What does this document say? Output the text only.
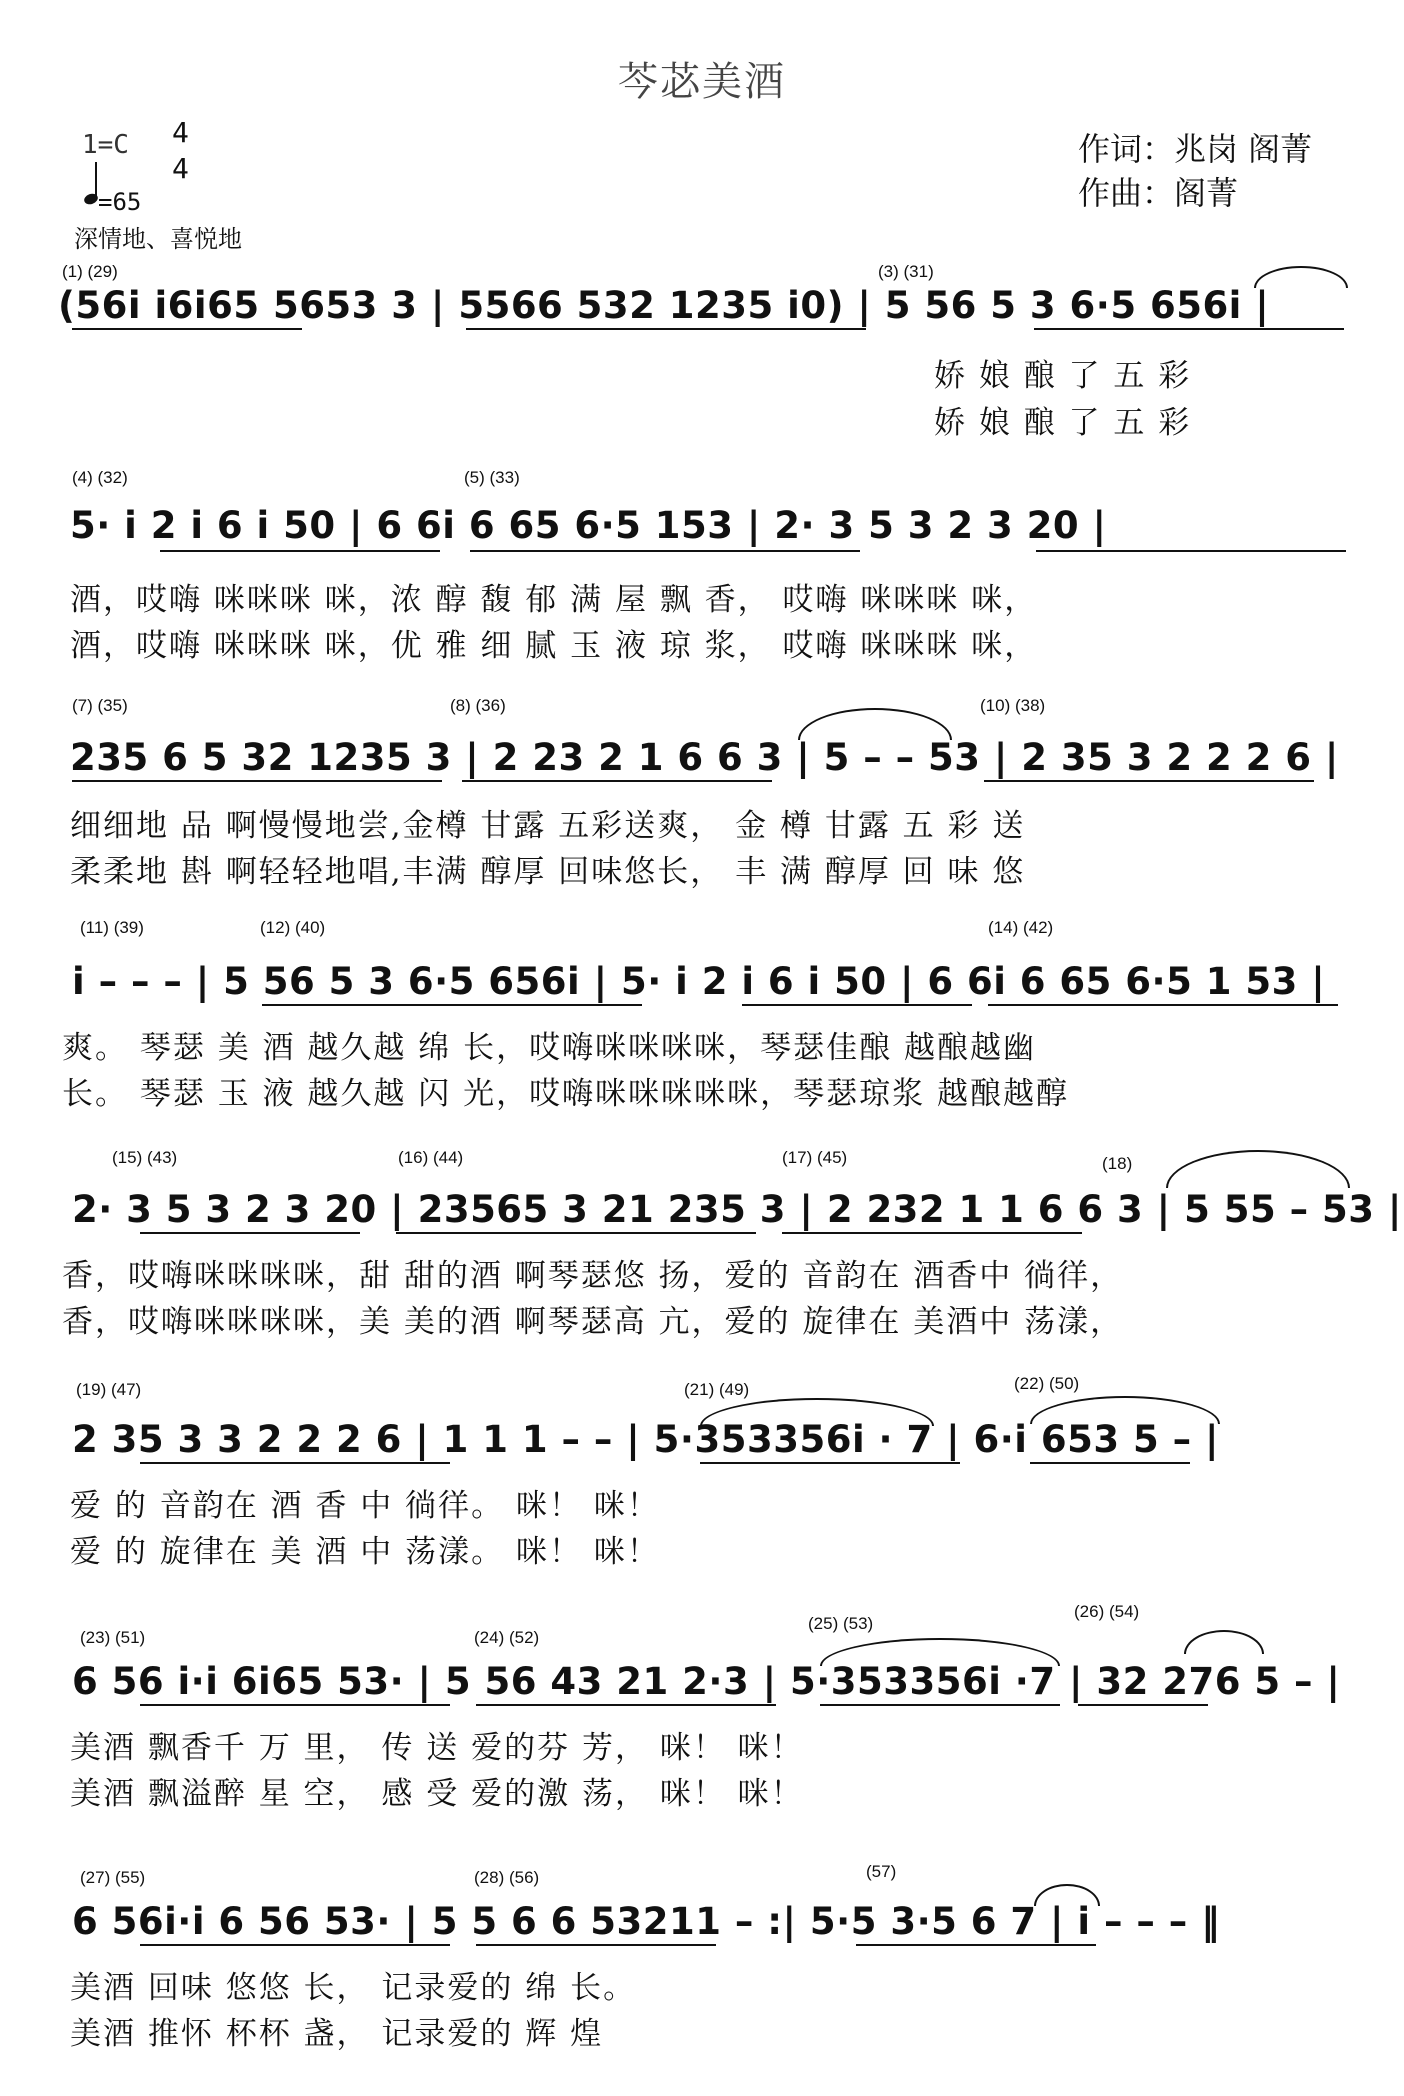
芩苾美酒
1=C 4
4
=65
深情地、喜悦地
作词：兆岗 阁菁
作曲：阁菁
(1) (29)	(3) (31)
(56i i6i65 5653 3 | 5566 532 1235 i0) | 5 56 5 3 6·5 656i |
娇 娘 酿 了 五 彩
娇 娘 酿 了 五 彩
(4) (32)	(5) (33)
5· i 2 i 6 i 50 | 6 6i 6 65 6·5 153 | 2· 3 5 3 2 3 20 |
酒，哎嗨 咪咪咪 咪，浓 醇 馥 郁 满 屋 飘 香， 哎嗨 咪咪咪 咪，
酒，哎嗨 咪咪咪 咪，优 雅 细 腻 玉 液 琼 浆， 哎嗨 咪咪咪 咪，
(7) (35)	(8) (36)	(10) (38)
235 6 5 32 1235 3 | 2 23 2 1 6 6 3 | 5 – – 53 | 2 35 3 2 2 2 6 |
细细地 品 啊慢慢地尝,金樽 甘露 五彩送爽， 金 樽 甘露 五 彩 送
柔柔地 斟 啊轻轻地唱,丰满 醇厚 回味悠长， 丰 满 醇厚 回 味 悠
(11) (39)	(12) (40)	(14) (42)
i – – – | 5 56 5 3 6·5 656i | 5· i 2 i 6 i 50 | 6 6i 6 65 6·5 1 53 |
爽。 琴瑟 美 酒 越久越 绵 长，哎嗨咪咪咪咪，琴瑟佳酿 越酿越幽
长。 琴瑟 玉 液 越久越 闪 光，哎嗨咪咪咪咪咪，琴瑟琼浆 越酿越醇
(15) (43)	(16) (44)	(17) (45)	(18)
2· 3 5 3 2 3 20 | 23565 3 21 235 3 | 2 232 1 1 6 6 3 | 5 55 – 53 |
香，哎嗨咪咪咪咪，甜 甜的酒 啊琴瑟悠 扬，爱的 音韵在 酒香中 徜徉，
香，哎嗨咪咪咪咪，美 美的酒 啊琴瑟高 亢，爱的 旋律在 美酒中 荡漾，
(19) (47)	(21) (49)	(22) (50)
2 35 3 3 2 2 2 6 | 1 1 1 – – | 5·353356i · 7 | 6·i 653 5 – |
爱 的 音韵在 酒 香 中 徜徉。 咪！ 咪！
爱 的 旋律在 美 酒 中 荡漾。 咪！ 咪！
(23) (51)	(24) (52)
(25) (53)
(26) (54)
6 56 i·i 6i65 53· | 5 56 43 21 2·3 | 5·353356i ·7 | 32 276 5 – |
美酒 飘香千 万 里， 传 送 爱的芬 芳， 咪！ 咪！
美酒 飘溢醉 星 空， 感 受 爱的激 荡， 咪！ 咪！
(27) (55)	(28) (56)	(57)
6 56i·i 6 56 53· | 5 5 6 6 53211 – :| 5·5 3·5 6 7 | i – – – ‖
美酒 回味 悠悠 长， 记录爱的 绵 长。
美酒 推怀 杯杯 盏， 记录爱的 辉 煌
